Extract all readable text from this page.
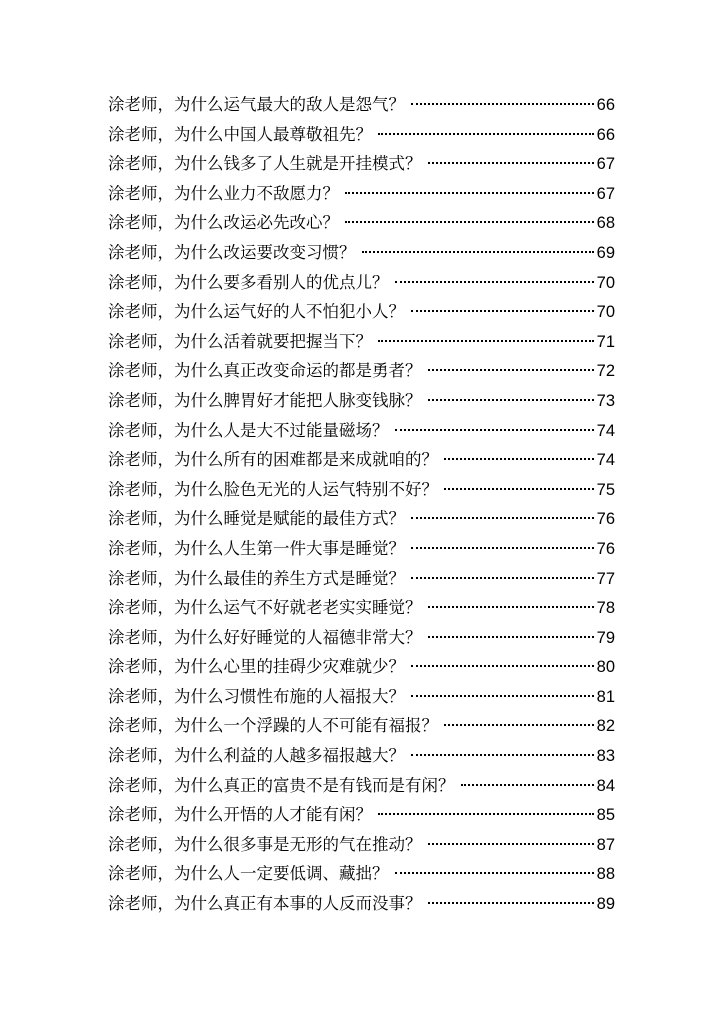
涂老师，为什么运气最大的敌人是怨气？	66
涂老师，为什么中国人最尊敬祖先？	66
涂老师，为什么钱多了人生就是开挂模式？	67
涂老师，为什么业力不敌愿力？	67
涂老师，为什么改运必先改心？	68
涂老师，为什么改运要改变习惯？	69
涂老师，为什么要多看别人的优点儿？	70
涂老师，为什么运气好的人不怕犯小人？	70
涂老师，为什么活着就要把握当下？	71
涂老师，为什么真正改变命运的都是勇者？	72
涂老师，为什么脾胃好才能把人脉变钱脉？	73
涂老师，为什么人是大不过能量磁场？	74
涂老师，为什么所有的困难都是来成就咱的？	74
涂老师，为什么脸色无光的人运气特别不好？	75
涂老师，为什么睡觉是赋能的最佳方式？	76
涂老师，为什么人生第一件大事是睡觉？	76
涂老师，为什么最佳的养生方式是睡觉？	77
涂老师，为什么运气不好就老老实实睡觉？	78
涂老师，为什么好好睡觉的人福德非常大？	79
涂老师，为什么心里的挂碍少灾难就少？	80
涂老师，为什么习惯性布施的人福报大？	81
涂老师，为什么一个浮躁的人不可能有福报？	82
涂老师，为什么利益的人越多福报越大？	83
涂老师，为什么真正的富贵不是有钱而是有闲？	84
涂老师，为什么开悟的人才能有闲？	85
涂老师，为什么很多事是无形的气在推动？	87
涂老师，为什么人一定要低调、藏拙？	88
涂老师，为什么真正有本事的人反而没事？	89
